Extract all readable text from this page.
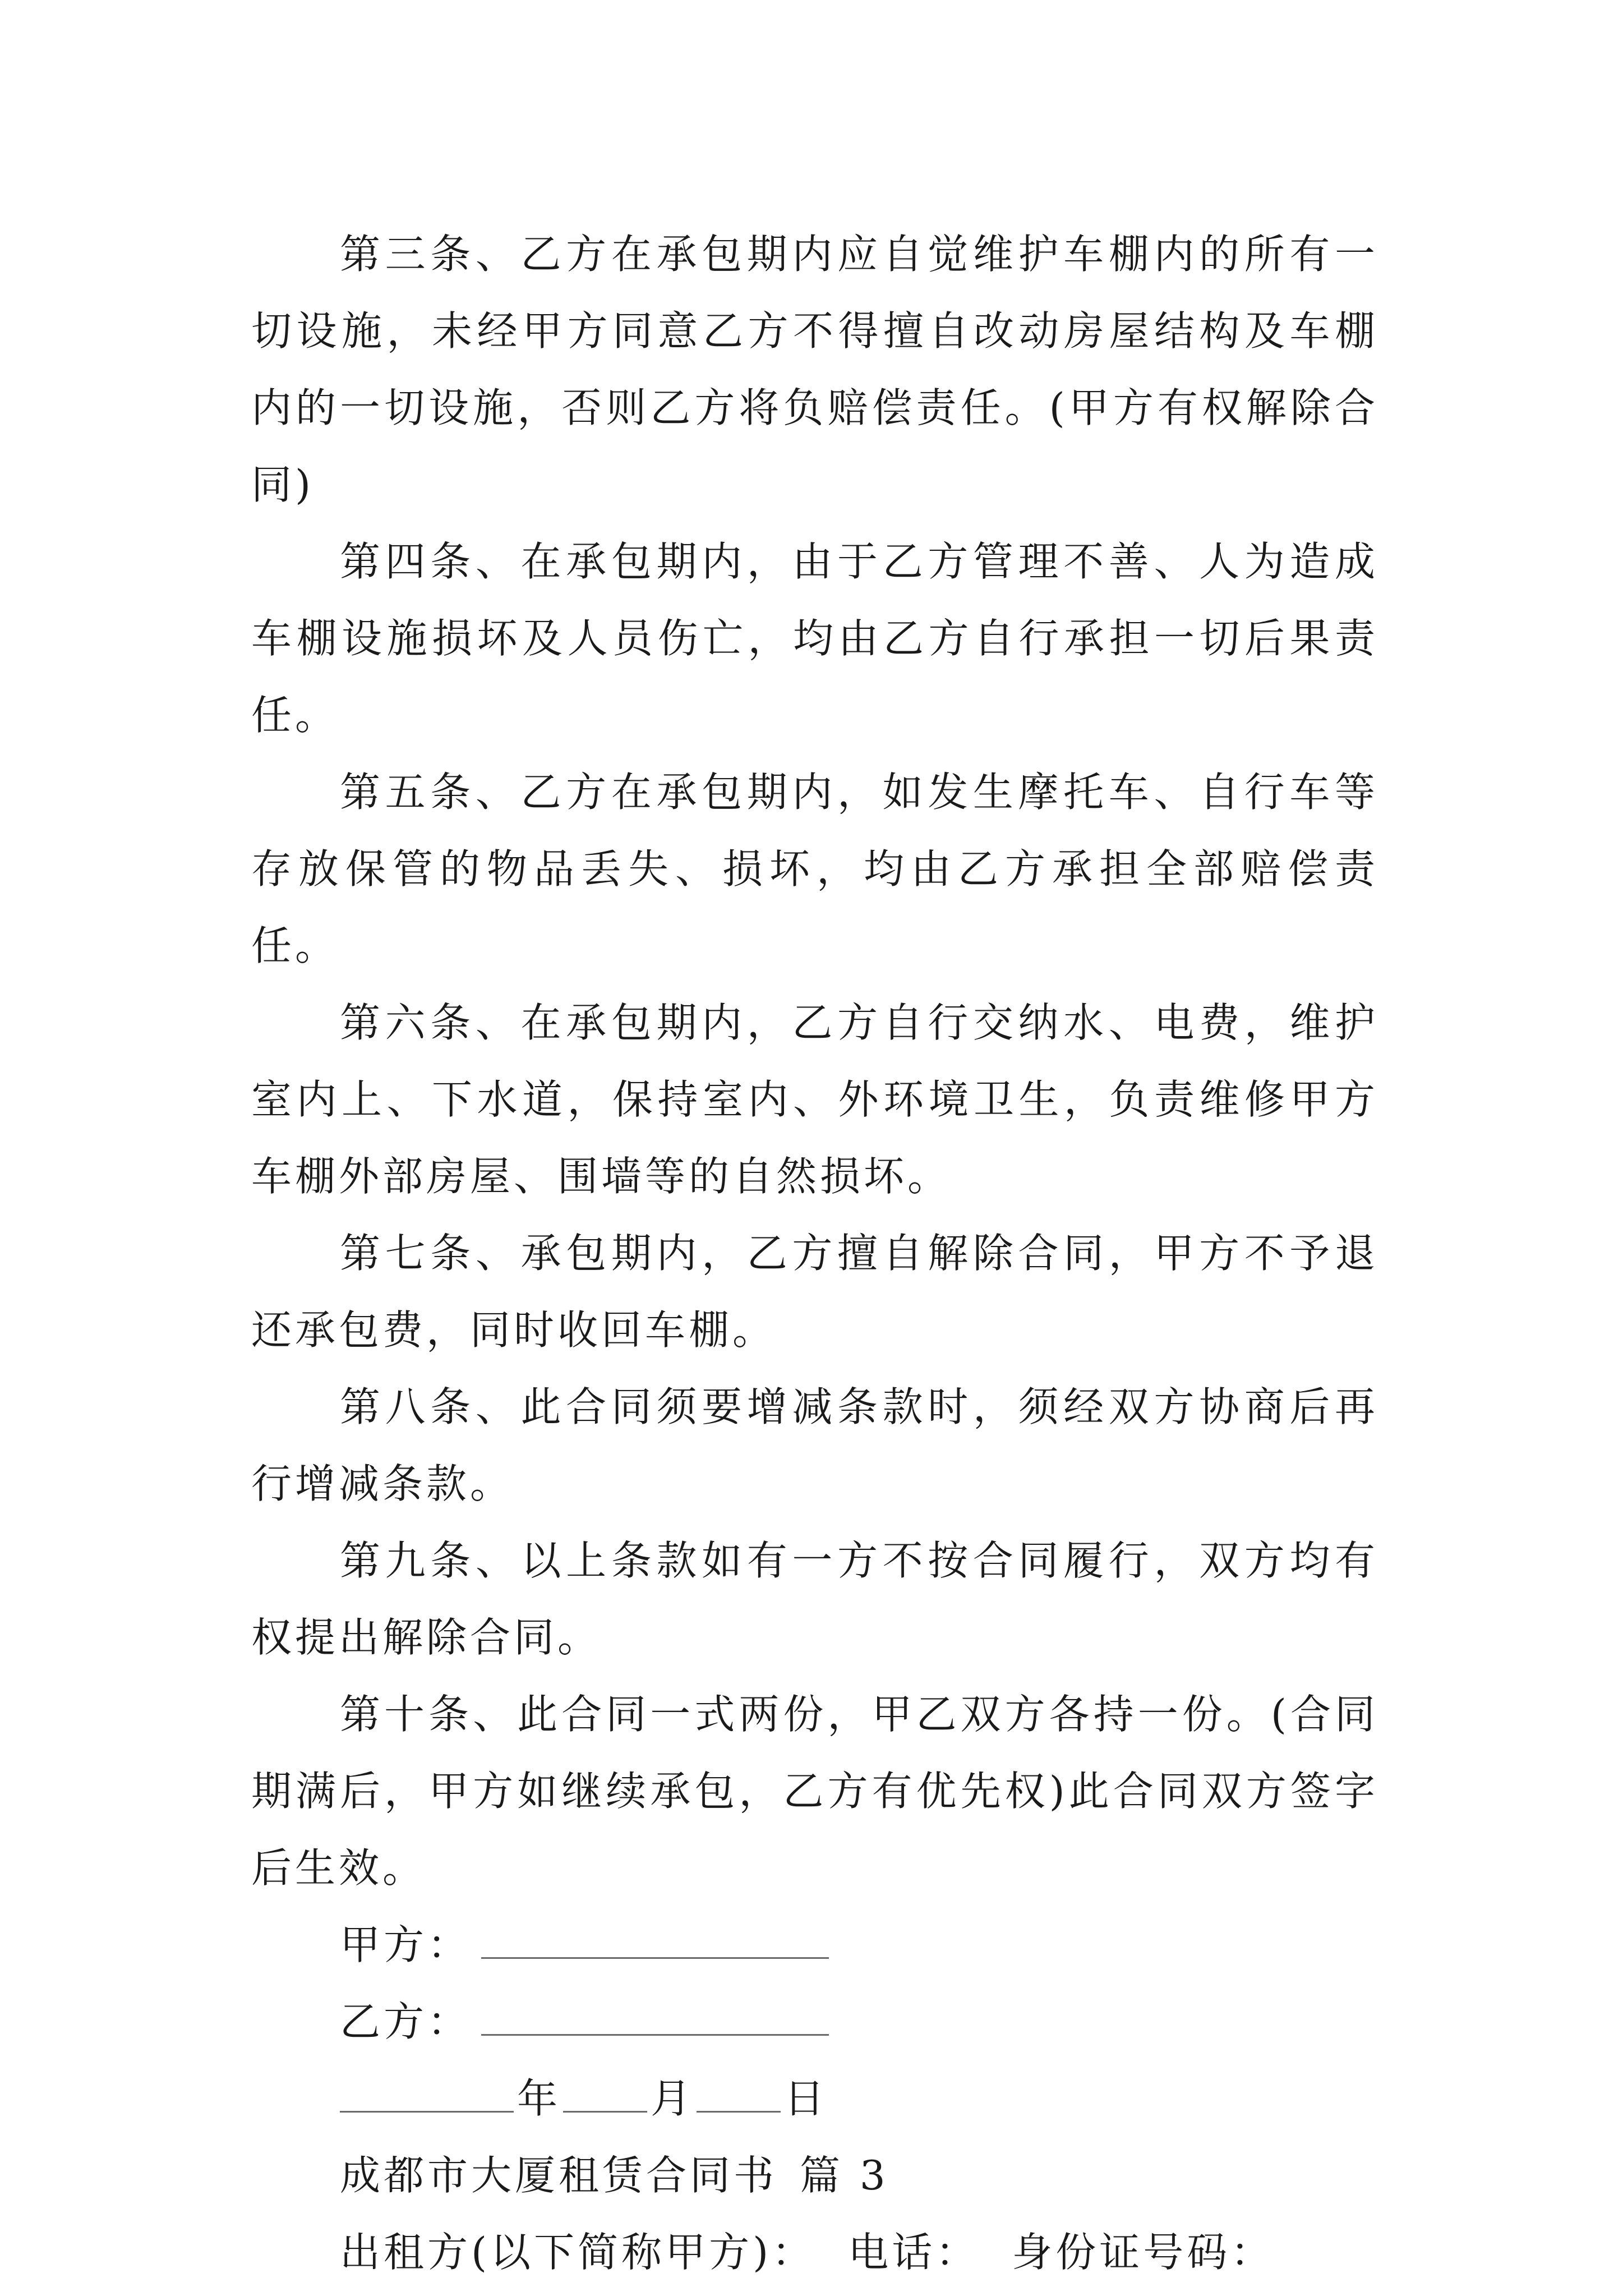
第三条、乙方在承包期内应自觉维护车棚内的所有一切设施，未经甲方同意乙方不得擅自改动房屋结构及车棚内的一切设施，否则乙方将负赔偿责任。(甲方有权解除合同)

第四条、在承包期内，由于乙方管理不善、人为造成车棚设施损坏及人员伤亡，均由乙方自行承担一切后果责任。

第五条、乙方在承包期内，如发生摩托车、自行车等存放保管的物品丢失、损坏，均由乙方承担全部赔偿责任。

第六条、在承包期内，乙方自行交纳水、电费，维护室内上、下水道，保持室内、外环境卫生，负责维修甲方车棚外部房屋、围墙等的自然损坏。

第七条、承包期内，乙方擅自解除合同，甲方不予退还承包费，同时收回车棚。

第八条、此合同须要增减条款时，须经双方协商后再行增减条款。

第九条、以上条款如有一方不按合同履行，双方均有权提出解除合同。

第十条、此合同一式两份，甲乙双方各持一份。(合同期满后，甲方如继续承包，乙方有优先权)此合同双方签字后生效。

甲方：
乙方：
年 月 日
成都市大厦租赁合同书 篇 3
出租方(以下简称甲方)： 电话： 身份证号码：
